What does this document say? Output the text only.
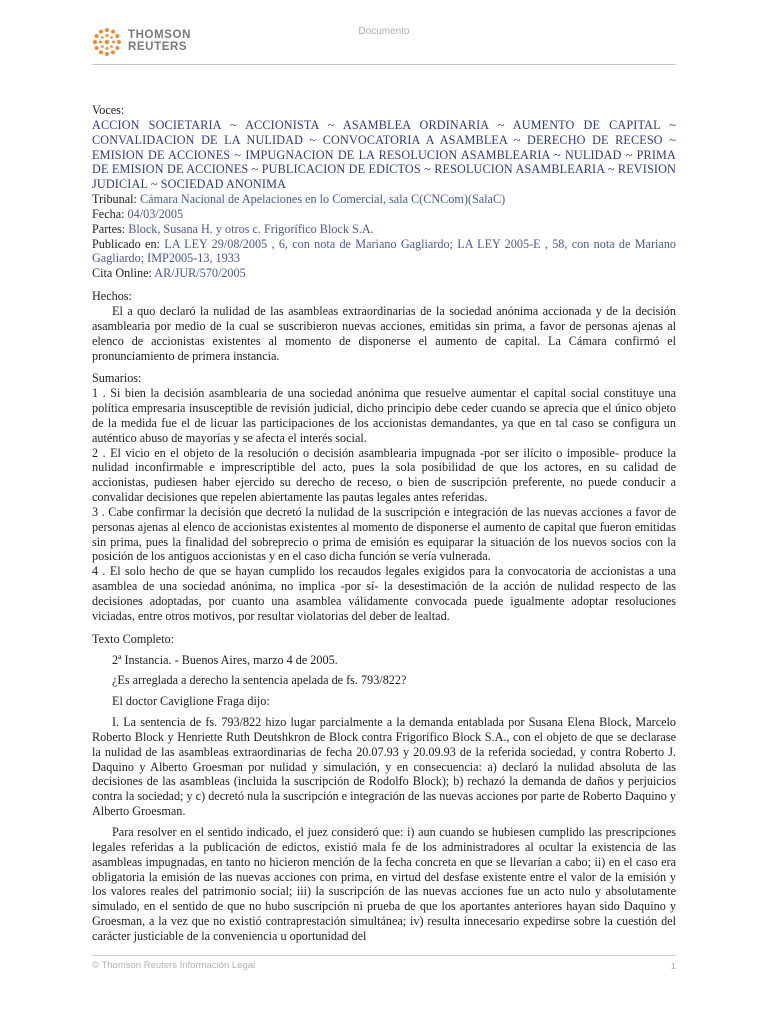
THOMSON
REUTERS
Documento

Voces:

ACCION SOCIETARIA ~ ACCIONISTA ~ ASAMBLEA ORDINARIA ~ AUMENTO DE CAPITAL ~ CONVALIDACION DE LA NULIDAD ~ CONVOCATORIA A ASAMBLEA ~ DERECHO DE RECESO ~ EMISION DE ACCIONES ~ IMPUGNACION DE LA RESOLUCION ASAMBLEARIA ~ NULIDAD ~ PRIMA DE EMISION DE ACCIONES ~ PUBLICACION DE EDICTOS ~ RESOLUCION ASAMBLEARIA ~ REVISION JUDICIAL ~ SOCIEDAD ANONIMA

Tribunal: Cámara Nacional de Apelaciones en lo Comercial, sala C(CNCom)(SalaC)

Fecha: 04/03/2005

Partes: Block, Susana H. y otros c. Frigorífico Block S.A.

Publicado en: LA LEY 29/08/2005 , 6, con nota de Mariano Gagliardo; LA LEY 2005-E , 58, con nota de Mariano Gagliardo; IMP2005-13, 1933

Cita Online: AR/JUR/570/2005

Hechos:

El a quo declaró la nulidad de las asambleas extraordinarias de la sociedad anónima accionada y de la decisión asamblearia por medio de la cual se suscribieron nuevas acciones, emitidas sin prima, a favor de personas ajenas al elenco de accionistas existentes al momento de disponerse el aumento de capital. La Cámara confirmó el pronunciamiento de primera instancia.

Sumarios:

1 . Si bien la decisión asamblearia de una sociedad anónima que resuelve aumentar el capital social constituye una política empresaria insusceptible de revisión judicial, dicho principio debe ceder cuando se aprecia que el único objeto de la medida fue el de licuar las participaciones de los accionistas demandantes, ya que en tal caso se configura un auténtico abuso de mayorías y se afecta el interés social.

2 . El vicio en el objeto de la resolución o decisión asamblearia impugnada -por ser ilícito o imposible- produce la nulidad inconfirmable e imprescriptible del acto, pues la sola posibilidad de que los actores, en su calidad de accionistas, pudiesen haber ejercido su derecho de receso, o bien de suscripción preferente, no puede conducir a convalidar decisiones que repelen abiertamente las pautas legales antes referidas.

3 . Cabe confirmar la decisión que decretó la nulidad de la suscripción e integración de las nuevas acciones a favor de personas ajenas al elenco de accionistas existentes al momento de disponerse el aumento de capital que fueron emitidas sin prima, pues la finalidad del sobreprecio o prima de emisión es equiparar la situación de los nuevos socios con la posición de los antiguos accionistas y en el caso dicha función se vería vulnerada.

4 . El solo hecho de que se hayan cumplido los recaudos legales exigidos para la convocatoria de accionistas a una asamblea de una sociedad anónima, no implica -por sí- la desestimación de la acción de nulidad respecto de las decisiones adoptadas, por cuanto una asamblea válidamente convocada puede igualmente adoptar resoluciones viciadas, entre otros motivos, por resultar violatorias del deber de lealtad.

Texto Completo:

2ª Instancia. - Buenos Aires, marzo 4 de 2005.

¿Es arreglada a derecho la sentencia apelada de fs. 793/822?

El doctor Caviglione Fraga dijo:

I. La sentencia de fs. 793/822 hizo lugar parcialmente a la demanda entablada por Susana Elena Block, Marcelo Roberto Block y Henriette Ruth Deutshkron de Block contra Frigorífico Block S.A., con el objeto de que se declarase la nulidad de las asambleas extraordinarias de fecha 20.07.93 y 20.09.93 de la referida sociedad, y contra Roberto J. Daquino y Alberto Groesman por nulidad y simulación, y en consecuencia: a) declaró la nulidad absoluta de las decisiones de las asambleas (incluida la suscripción de Rodolfo Block); b) rechazó la demanda de daños y perjuicios contra la sociedad; y c) decretó nula la suscripción e integración de las nuevas acciones por parte de Roberto Daquino y Alberto Groesman.

Para resolver en el sentido indicado, el juez consideró que: i) aun cuando se hubiesen cumplido las prescripciones legales referidas a la publicación de edictos, existió mala fe de los administradores al ocultar la existencia de las asambleas impugnadas, en tanto no hicieron mención de la fecha concreta en que se llevarían a cabo; ii) en el caso era obligatoria la emisión de las nuevas acciones con prima, en virtud del desfase existente entre el valor de la emisión y los valores reales del patrimonio social; iii) la suscripción de las nuevas acciones fue un acto nulo y absolutamente simulado, en el sentido de que no hubo suscripción ni prueba de que los aportantes anteriores hayan sido Daquino y Groesman, a la vez que no existió contraprestación simultánea; iv) resulta innecesario expedirse sobre la cuestión del carácter justiciable de la conveniencia u oportunidad del

© Thomson Reuters Información Legal	1
